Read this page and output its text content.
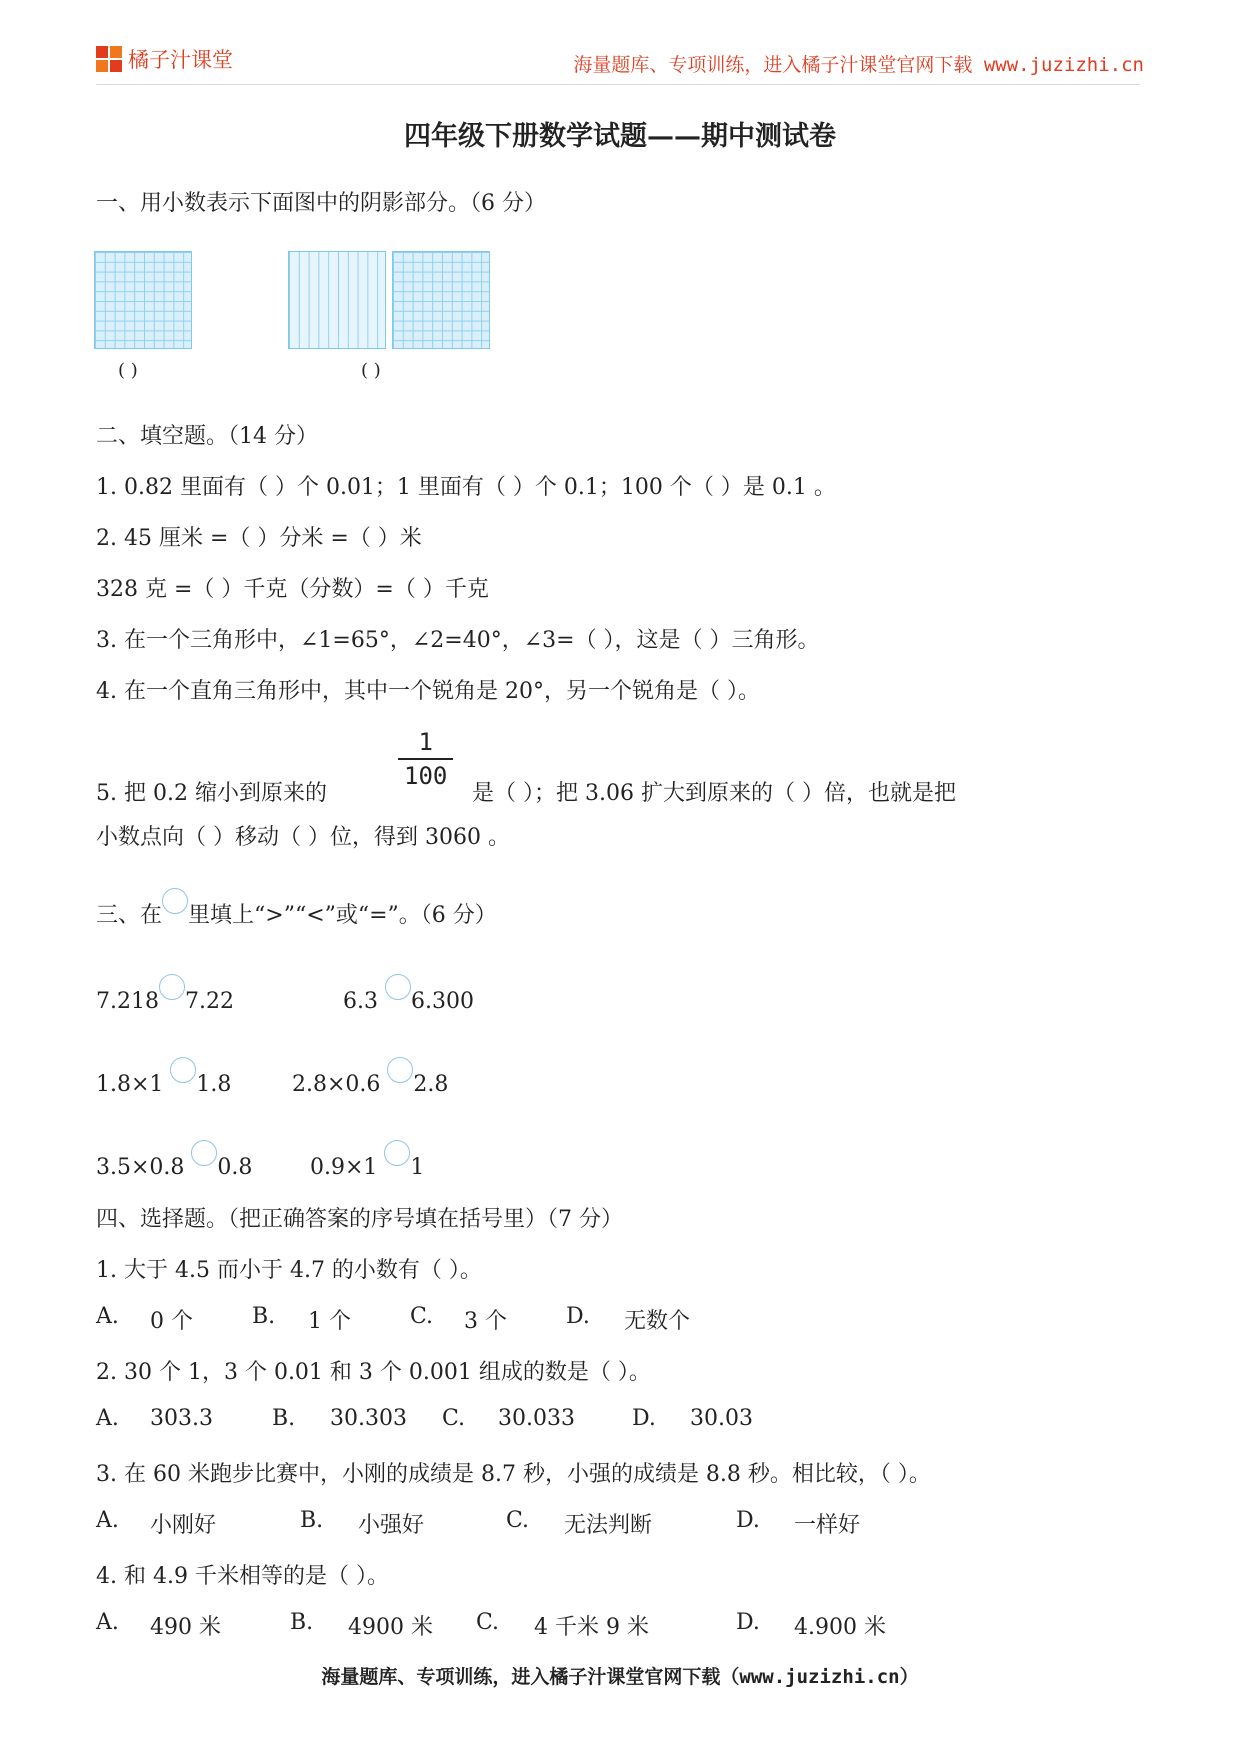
橘子汁课堂	海量题库、专项训练，进入橘子汁课堂官网下载 www.juzizhi.cn
四年级下册数学试题——期中测试卷
一、用小数表示下面图中的阴影部分。（6 分）
( )	( )
二、填空题。（14 分）
1. 0.82 里面有（ ）个 0.01；1 里面有（ ）个 0.1；100 个（ ）是 0.1 。
2. 45 厘米 =（ ）分米 =（ ）米
328 克 =（ ）千克（分数）=（ ）千克
3. 在一个三角形中，∠1=65°，∠2=40°，∠3=（ ），这是（ ）三角形。
4. 在一个直角三角形中，其中一个锐角是 20°，另一个锐角是（ ）。
5. 把 0.2 缩小到原来的
1
100
是（ ）；把 3.06 扩大到原来的（ ）倍，也就是把
小数点向（ ）移动（ ）位，得到 3060 。
三、在 里填上“>”“<”或“=”。（6 分）
7.218 7.22	6.3 6.300
1.8×1 1.8	2.8×0.6 2.8
3.5×0.8 0.8	0.9×1 1
四、选择题。（把正确答案的序号填在括号里）（7 分）
1. 大于 4.5 而小于 4.7 的小数有（ ）。
A. 0 个	B. 1 个	C. 3 个	D. 无数个
2. 30 个 1，3 个 0.01 和 3 个 0.001 组成的数是（ ）。
A. 303.3	B. 30.303 C. 30.033	D. 30.03
3. 在 60 米跑步比赛中，小刚的成绩是 8.7 秒，小强的成绩是 8.8 秒。相比较，（ ）。
A. 小刚好	B. 小强好	C. 无法判断	D. 一样好
4. 和 4.9 千米相等的是（ ）。
A. 490 米	B. 4900 米 C. 4 千米 9 米	D. 4.900 米
海量题库、专项训练，进入橘子汁课堂官网下载（www.juzizhi.cn）
